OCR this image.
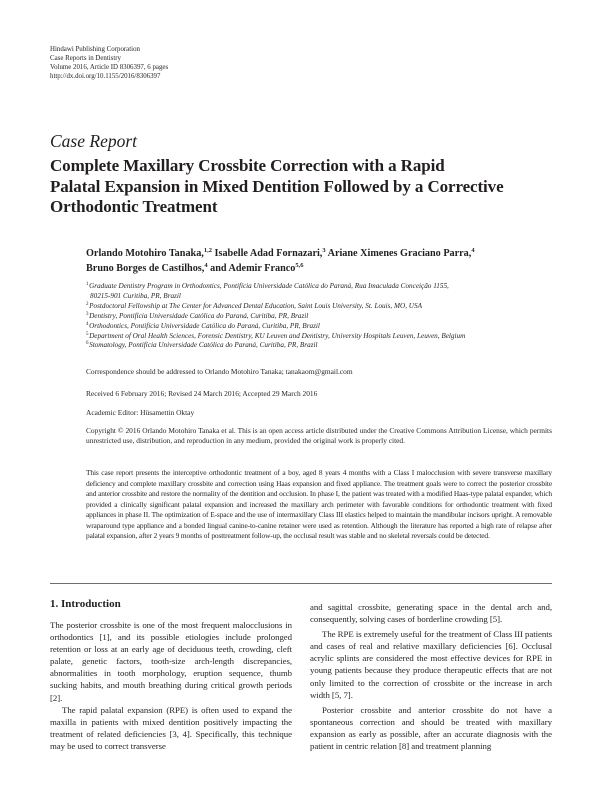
Hindawi Publishing Corporation
Case Reports in Dentistry
Volume 2016, Article ID 8306397, 6 pages
http://dx.doi.org/10.1155/2016/8306397
Case Report
Complete Maxillary Crossbite Correction with a Rapid
Palatal Expansion in Mixed Dentition Followed by a Corrective
Orthodontic Treatment
Orlando Motohiro Tanaka,$^{1,2}$ Isabelle Adad Fornazari,$^3$ Ariane Ximenes Graciano Parra,$^4$
Bruno Borges de Castilhos,$^4$ and Ademir Franco$^{5,6}$
1 Graduate Dentistry Program in Orthodontics, Pontifícia Universidade Católica do Paraná, Rua Imaculada Conceição 1155,
80215-901 Curitiba, PR, Brazil
2 Postdoctoral Fellowship at The Center for Advanced Dental Education, Saint Louis University, St. Louis, MO, USA
3 Dentistry, Pontifícia Universidade Católica do Paraná, Curitiba, PR, Brazil
4 Orthodontics, Pontifícia Universidade Católica do Paraná, Curitiba, PR, Brazil
5 Department of Oral Health Sciences, Forensic Dentistry, KU Leuven and Dentistry, University Hospitals Leuven, Leuven, Belgium
6 Stomatology, Pontifícia Universidade Católica do Paraná, Curitiba, PR, Brazil
Correspondence should be addressed to Orlando Motohiro Tanaka; tanakaom@gmail.com
Received 6 February 2016; Revised 24 March 2016; Accepted 29 March 2016
Academic Editor: Hüsamettin Oktay
Copyright © 2016 Orlando Motohiro Tanaka et al. This is an open access article distributed under the Creative Commons Attribution License, which permits unrestricted use, distribution, and reproduction in any medium, provided the original work is properly cited.
This case report presents the interceptive orthodontic treatment of a boy, aged 8 years 4 months with a Class I malocclusion with severe transverse maxillary deficiency and complete maxillary crossbite and correction using Haas expansion and fixed appliance. The treatment goals were to correct the posterior crossbite and anterior crossbite and restore the normality of the dentition and occlusion. In phase I, the patient was treated with a modified Haas-type palatal expander, which provided a clinically significant palatal expansion and increased the maxillary arch perimeter with favorable conditions for orthodontic treatment with fixed appliances in phase II. The optimization of E-space and the use of intermaxillary Class III elastics helped to maintain the mandibular incisors upright. A removable wraparound type appliance and a bonded lingual canine-to-canine retainer were used as retention. Although the literature has reported a high rate of relapse after palatal expansion, after 2 years 9 months of posttreatment follow-up, the occlusal result was stable and no skeletal reversals could be detected.
1. Introduction

The posterior crossbite is one of the most frequent malocclusions in orthodontics [1], and its possible etiologies include prolonged retention or loss at an early age of deciduous teeth, crowding, cleft palate, genetic factors, tooth-size arch-length discrepancies, abnormalities in tooth morphology, eruption sequence, thumb sucking habits, and mouth breathing during critical growth periods [2].

The rapid palatal expansion (RPE) is often used to expand the maxilla in patients with mixed dentition positively impacting the treatment of related deficiencies [3, 4]. Specifically, this technique may be used to correct transverse

and sagittal crossbite, generating space in the dental arch and, consequently, solving cases of borderline crowding [5].

The RPE is extremely useful for the treatment of Class III patients and cases of real and relative maxillary deficiencies [6]. Occlusal acrylic splints are considered the most effective devices for RPE in young patients because they produce therapeutic effects that are not only limited to the correction of crossbite or the increase in arch width [5, 7].

Posterior crossbite and anterior crossbite do not have a spontaneous correction and should be treated with maxillary expansion as early as possible, after an accurate diagnosis with the patient in centric relation [8] and treatment planning
